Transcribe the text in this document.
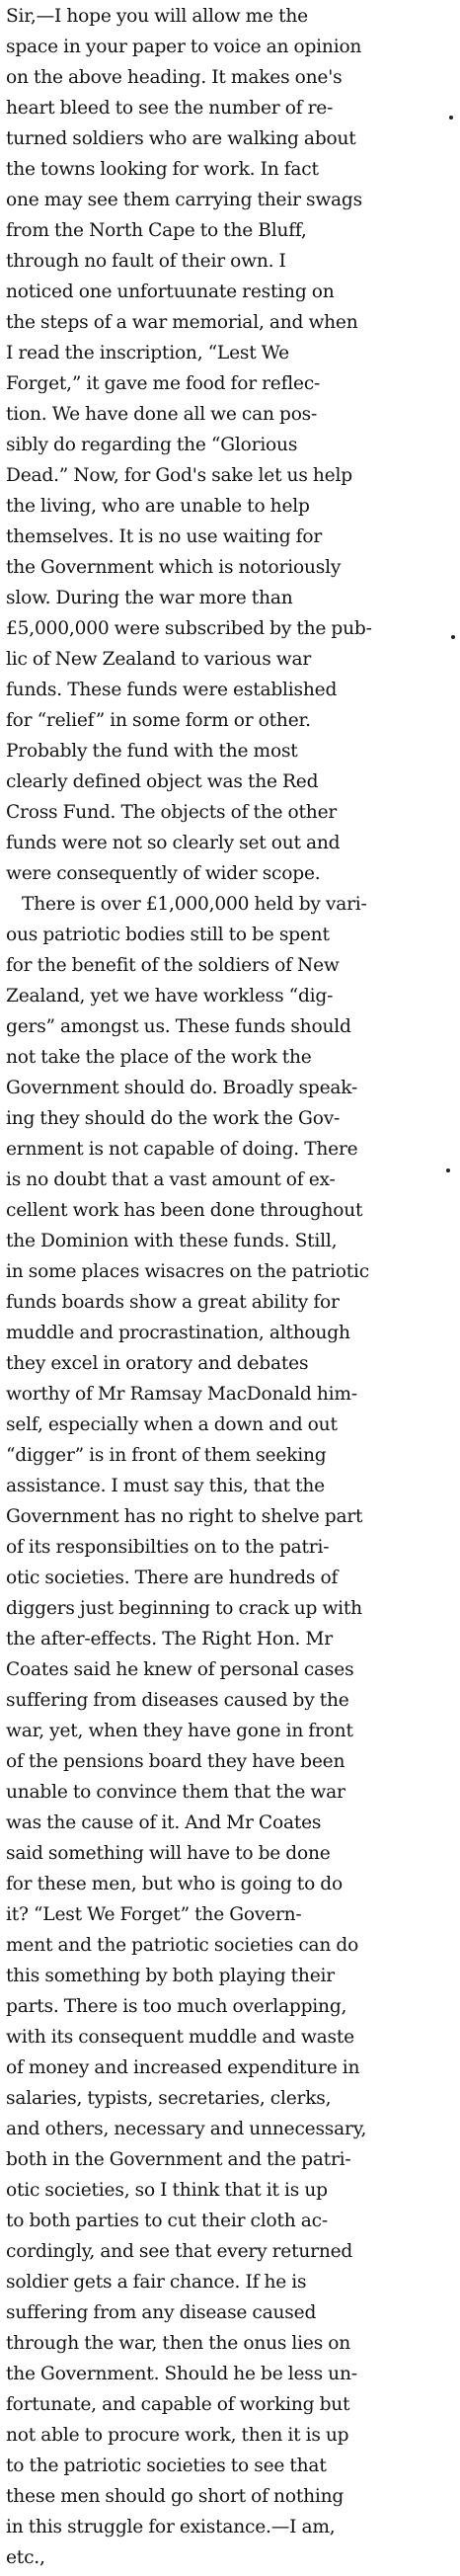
Sir,—I hope you will allow me the
space in your paper to voice an opinion
on the above heading. It makes one's
heart bleed to see the number of re-
turned soldiers who are walking about
the towns looking for work. In fact
one may see them carrying their swags
from the North Cape to the Bluff,
through no fault of their own. I
noticed one unfortuunate resting on
the steps of a war memorial, and when
I read the inscription, “Lest We
Forget,” it gave me food for reflec-
tion. We have done all we can pos-
sibly do regarding the “Glorious
Dead.” Now, for God's sake let us help
the living, who are unable to help
themselves. It is no use waiting for
the Government which is notoriously
slow. During the war more than
£5,000,000 were subscribed by the pub-
lic of New Zealand to various war
funds. These funds were established
for “relief” in some form or other.
Probably the fund with the most
clearly defined object was the Red
Cross Fund. The objects of the other
funds were not so clearly set out and
were consequently of wider scope.
There is over £1,000,000 held by vari-
ous patriotic bodies still to be spent
for the benefit of the soldiers of New
Zealand, yet we have workless “dig-
gers” amongst us. These funds should
not take the place of the work the
Government should do. Broadly speak-
ing they should do the work the Gov-
ernment is not capable of doing. There
is no doubt that a vast amount of ex-
cellent work has been done throughout
the Dominion with these funds. Still,
in some places wisacres on the patriotic
funds boards show a great ability for
muddle and procrastination, although
they excel in oratory and debates
worthy of Mr Ramsay MacDonald him-
self, especially when a down and out
“digger” is in front of them seeking
assistance. I must say this, that the
Government has no right to shelve part
of its responsibilties on to the patri-
otic societies. There are hundreds of
diggers just beginning to crack up with
the after-effects. The Right Hon. Mr
Coates said he knew of personal cases
suffering from diseases caused by the
war, yet, when they have gone in front
of the pensions board they have been
unable to convince them that the war
was the cause of it. And Mr Coates
said something will have to be done
for these men, but who is going to do
it? “Lest We Forget” the Govern-
ment and the patriotic societies can do
this something by both playing their
parts. There is too much overlapping,
with its consequent muddle and waste
of money and increased expenditure in
salaries, typists, secretaries, clerks,
and others, necessary and unnecessary,
both in the Government and the patri-
otic societies, so I think that it is up
to both parties to cut their cloth ac-
cordingly, and see that every returned
soldier gets a fair chance. If he is
suffering from any disease caused
through the war, then the onus lies on
the Government. Should he be less un-
fortunate, and capable of working but
not able to procure work, then it is up
to the patriotic societies to see that
these men should go short of nothing
in this struggle for existance.—I am,
etc.,
